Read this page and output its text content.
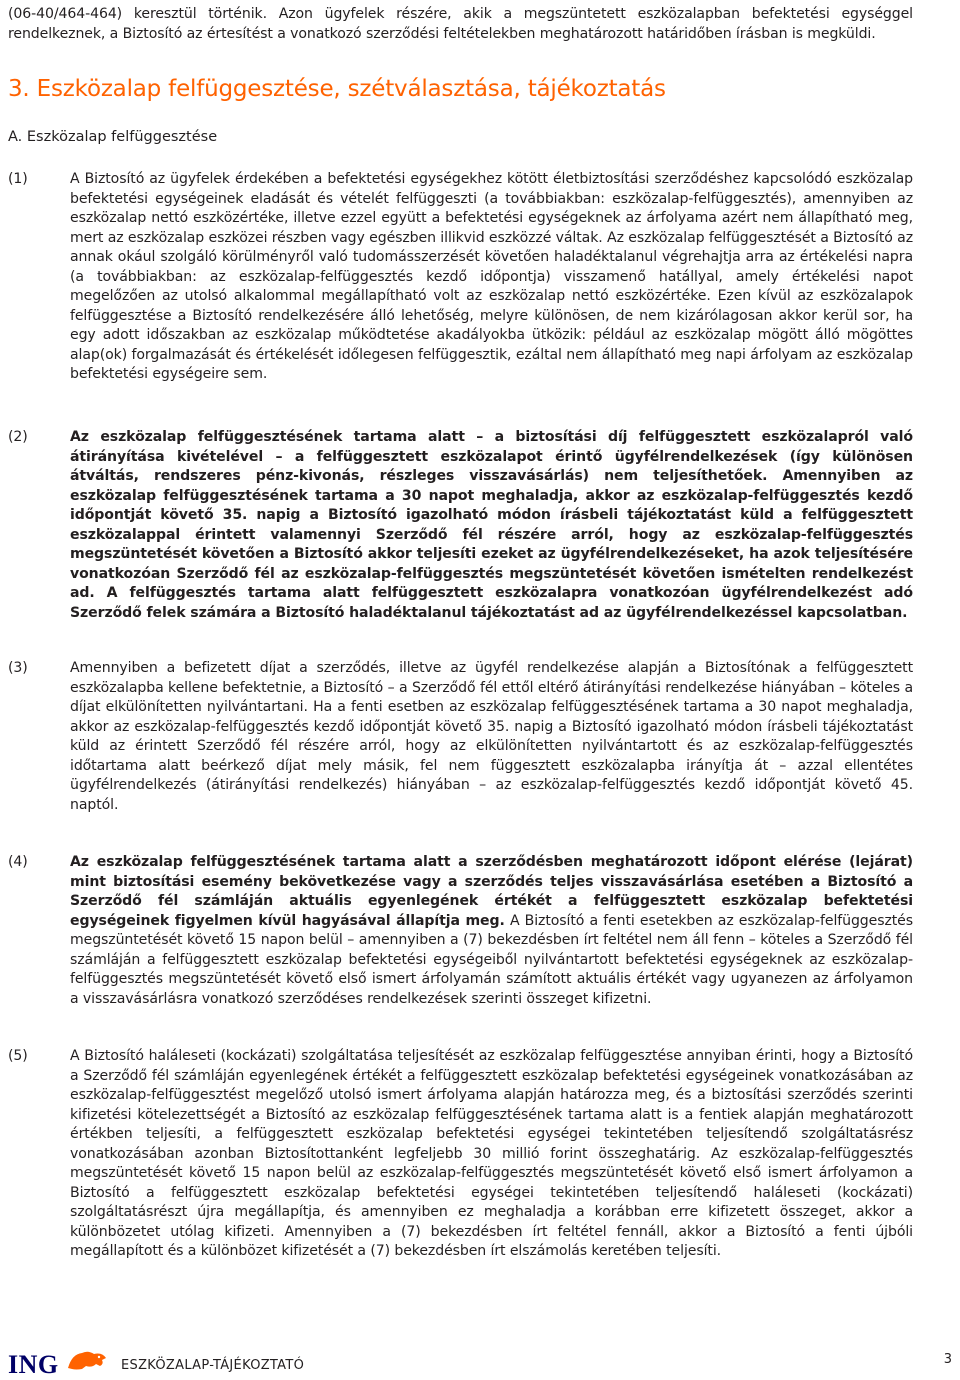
(06-40/464-464) keresztül történik. Azon ügyfelek részére, akik a megszüntetett eszközalapban befektetési egységgel rendelkeznek, a Biztosító az értesítést a vonatkozó szerződési feltételekben meghatározott határidőben írásban is megküldi.

3. Eszközalap felfüggesztése, szétválasztása, tájékoztatás
A. Eszközalap felfüggesztése
(1)	A Biztosító az ügyfelek érdekében a befektetési egységekhez kötött életbiztosítási szerződéshez kapcsolódó eszközalap befektetési egységeinek eladását és vételét felfüggeszti (a továbbiakban: eszközalap-felfüggesztés), amennyiben az eszközalap nettó eszközértéke, illetve ezzel együtt a befektetési egységeknek az árfolyama azért nem állapítható meg, mert az eszközalap eszközei részben vagy egészben illikvid eszközzé váltak. Az eszközalap felfüggesztését a Biztosító az annak okául szolgáló körülményről való tudomásszerzését követően haladéktalanul végrehajtja arra az értékelési napra (a továbbiakban: az eszközalap-felfüggesztés kezdő időpontja) visszamenő hatállyal, amely értékelési napot megelőzően az utolsó alkalommal megállapítható volt az eszközalap nettó eszközértéke. Ezen kívül az eszközalapok felfüggesztése a Biztosító rendelkezésére álló lehetőség, melyre különösen, de nem kizárólagosan akkor kerül sor, ha egy adott időszakban az eszközalap működtetése akadályokba ütközik: például az eszközalap mögött álló mögöttes alap(ok) forgalmazását és értékelését időlegesen felfüggesztik, ezáltal nem állapítható meg napi árfolyam az eszközalap befektetési egységeire sem.
(2)	Az eszközalap felfüggesztésének tartama alatt – a biztosítási díj felfüggesztett eszközalapról való átirányítása kivételével – a felfüggesztett eszközalapot érintő ügyfélrendelkezések (így különösen átváltás, rendszeres pénz-kivonás, részleges visszavásárlás) nem teljesíthetőek. Amennyiben az eszközalap felfüggesztésének tartama a 30 napot meghaladja, akkor az eszközalap-felfüggesztés kezdő időpontját követő 35. napig a Biztosító igazolható módon írásbeli tájékoztatást küld a felfüggesztett eszközalappal érintett valamennyi Szerződő fél részére arról, hogy az eszközalap-felfüggesztés megszüntetését követően a Biztosító akkor teljesíti ezeket az ügyfélrendelkezéseket, ha azok teljesítésére vonatkozóan Szerződő fél az eszközalap-felfüggesztés megszüntetését követően ismételten rendelkezést ad. A felfüggesztés tartama alatt felfüggesztett eszközalapra vonatkozóan ügyfélrendelkezést adó Szerződő felek számára a Biztosító haladéktalanul tájékoztatást ad az ügyfélrendelkezéssel kapcsolatban.
(3)	Amennyiben a befizetett díjat a szerződés, illetve az ügyfél rendelkezése alapján a Biztosítónak a felfüggesztett eszközalapba kellene befektetnie, a Biztosító – a Szerződő fél ettől eltérő átirányítási rendelkezése hiányában – köteles a díjat elkülönítetten nyilvántartani. Ha a fenti esetben az eszközalap felfüggesztésének tartama a 30 napot meghaladja, akkor az eszközalap-felfüggesztés kezdő időpontját követő 35. napig a Biztosító igazolható módon írásbeli tájékoztatást küld az érintett Szerződő fél részére arról, hogy az elkülönítetten nyilvántartott és az eszközalap-felfüggesztés időtartama alatt beérkező díjat mely másik, fel nem függesztett eszközalapba irányítja át – azzal ellentétes ügyfélrendelkezés (átirányítási rendelkezés) hiányában – az eszközalap-felfüggesztés kezdő időpontját követő 45. naptól.
(4)	Az eszközalap felfüggesztésének tartama alatt a szerződésben meghatározott időpont elérése (lejárat) mint biztosítási esemény bekövetkezése vagy a szerződés teljes visszavásárlása esetében a Biztosító a Szerződő fél számláján aktuális egyenlegének értékét a felfüggesztett eszközalap befektetési egységeinek figyelmen kívül hagyásával állapítja meg. A Biztosító a fenti esetekben az eszközalap-felfüggesztés megszüntetését követő 15 napon belül – amennyiben a (7) bekezdésben írt feltétel nem áll fenn – köteles a Szerződő fél számláján a felfüggesztett eszközalap befektetési egységeiből nyilvántartott befektetési egységeknek az eszközalap-felfüggesztés megszüntetését követő első ismert árfolyamán számított aktuális értékét vagy ugyanezen az árfolyamon a visszavásárlásra vonatkozó szerződéses rendelkezések szerinti összeget kifizetni.
(5)	A Biztosító haláleseti (kockázati) szolgáltatása teljesítését az eszközalap felfüggesztése annyiban érinti, hogy a Biztosító a Szerződő fél számláján egyenlegének értékét a felfüggesztett eszközalap befektetési egységeinek vonatkozásában az eszközalap-felfüggesztést megelőző utolsó ismert árfolyama alapján határozza meg, és a biztosítási szerződés szerinti kifizetési kötelezettségét a Biztosító az eszközalap felfüggesztésének tartama alatt is a fentiek alapján meghatározott értékben teljesíti, a felfüggesztett eszközalap befektetési egységei tekintetében teljesítendő szolgáltatásrész vonatkozásában azonban Biztosítottanként legfeljebb 30 millió forint összeghatárig. Az eszközalap-felfüggesztés megszüntetését követő 15 napon belül az eszközalap-felfüggesztés megszüntetését követő első ismert árfolyamon a Biztosító a felfüggesztett eszközalap befektetési egységei tekintetében teljesítendő haláleseti (kockázati) szolgáltatásrészt újra megállapítja, és amennyiben ez meghaladja a korábban erre kifizetett összeget, akkor a különbözetet utólag kifizeti. Amennyiben a (7) bekezdésben írt feltétel fennáll, akkor a Biztosító a fenti újbóli megállapított és a különbözet kifizetését a (7) bekezdésben írt elszámolás keretében teljesíti.
ING	ESZKÖZALAP-TÁJÉKOZTATÓ	3
